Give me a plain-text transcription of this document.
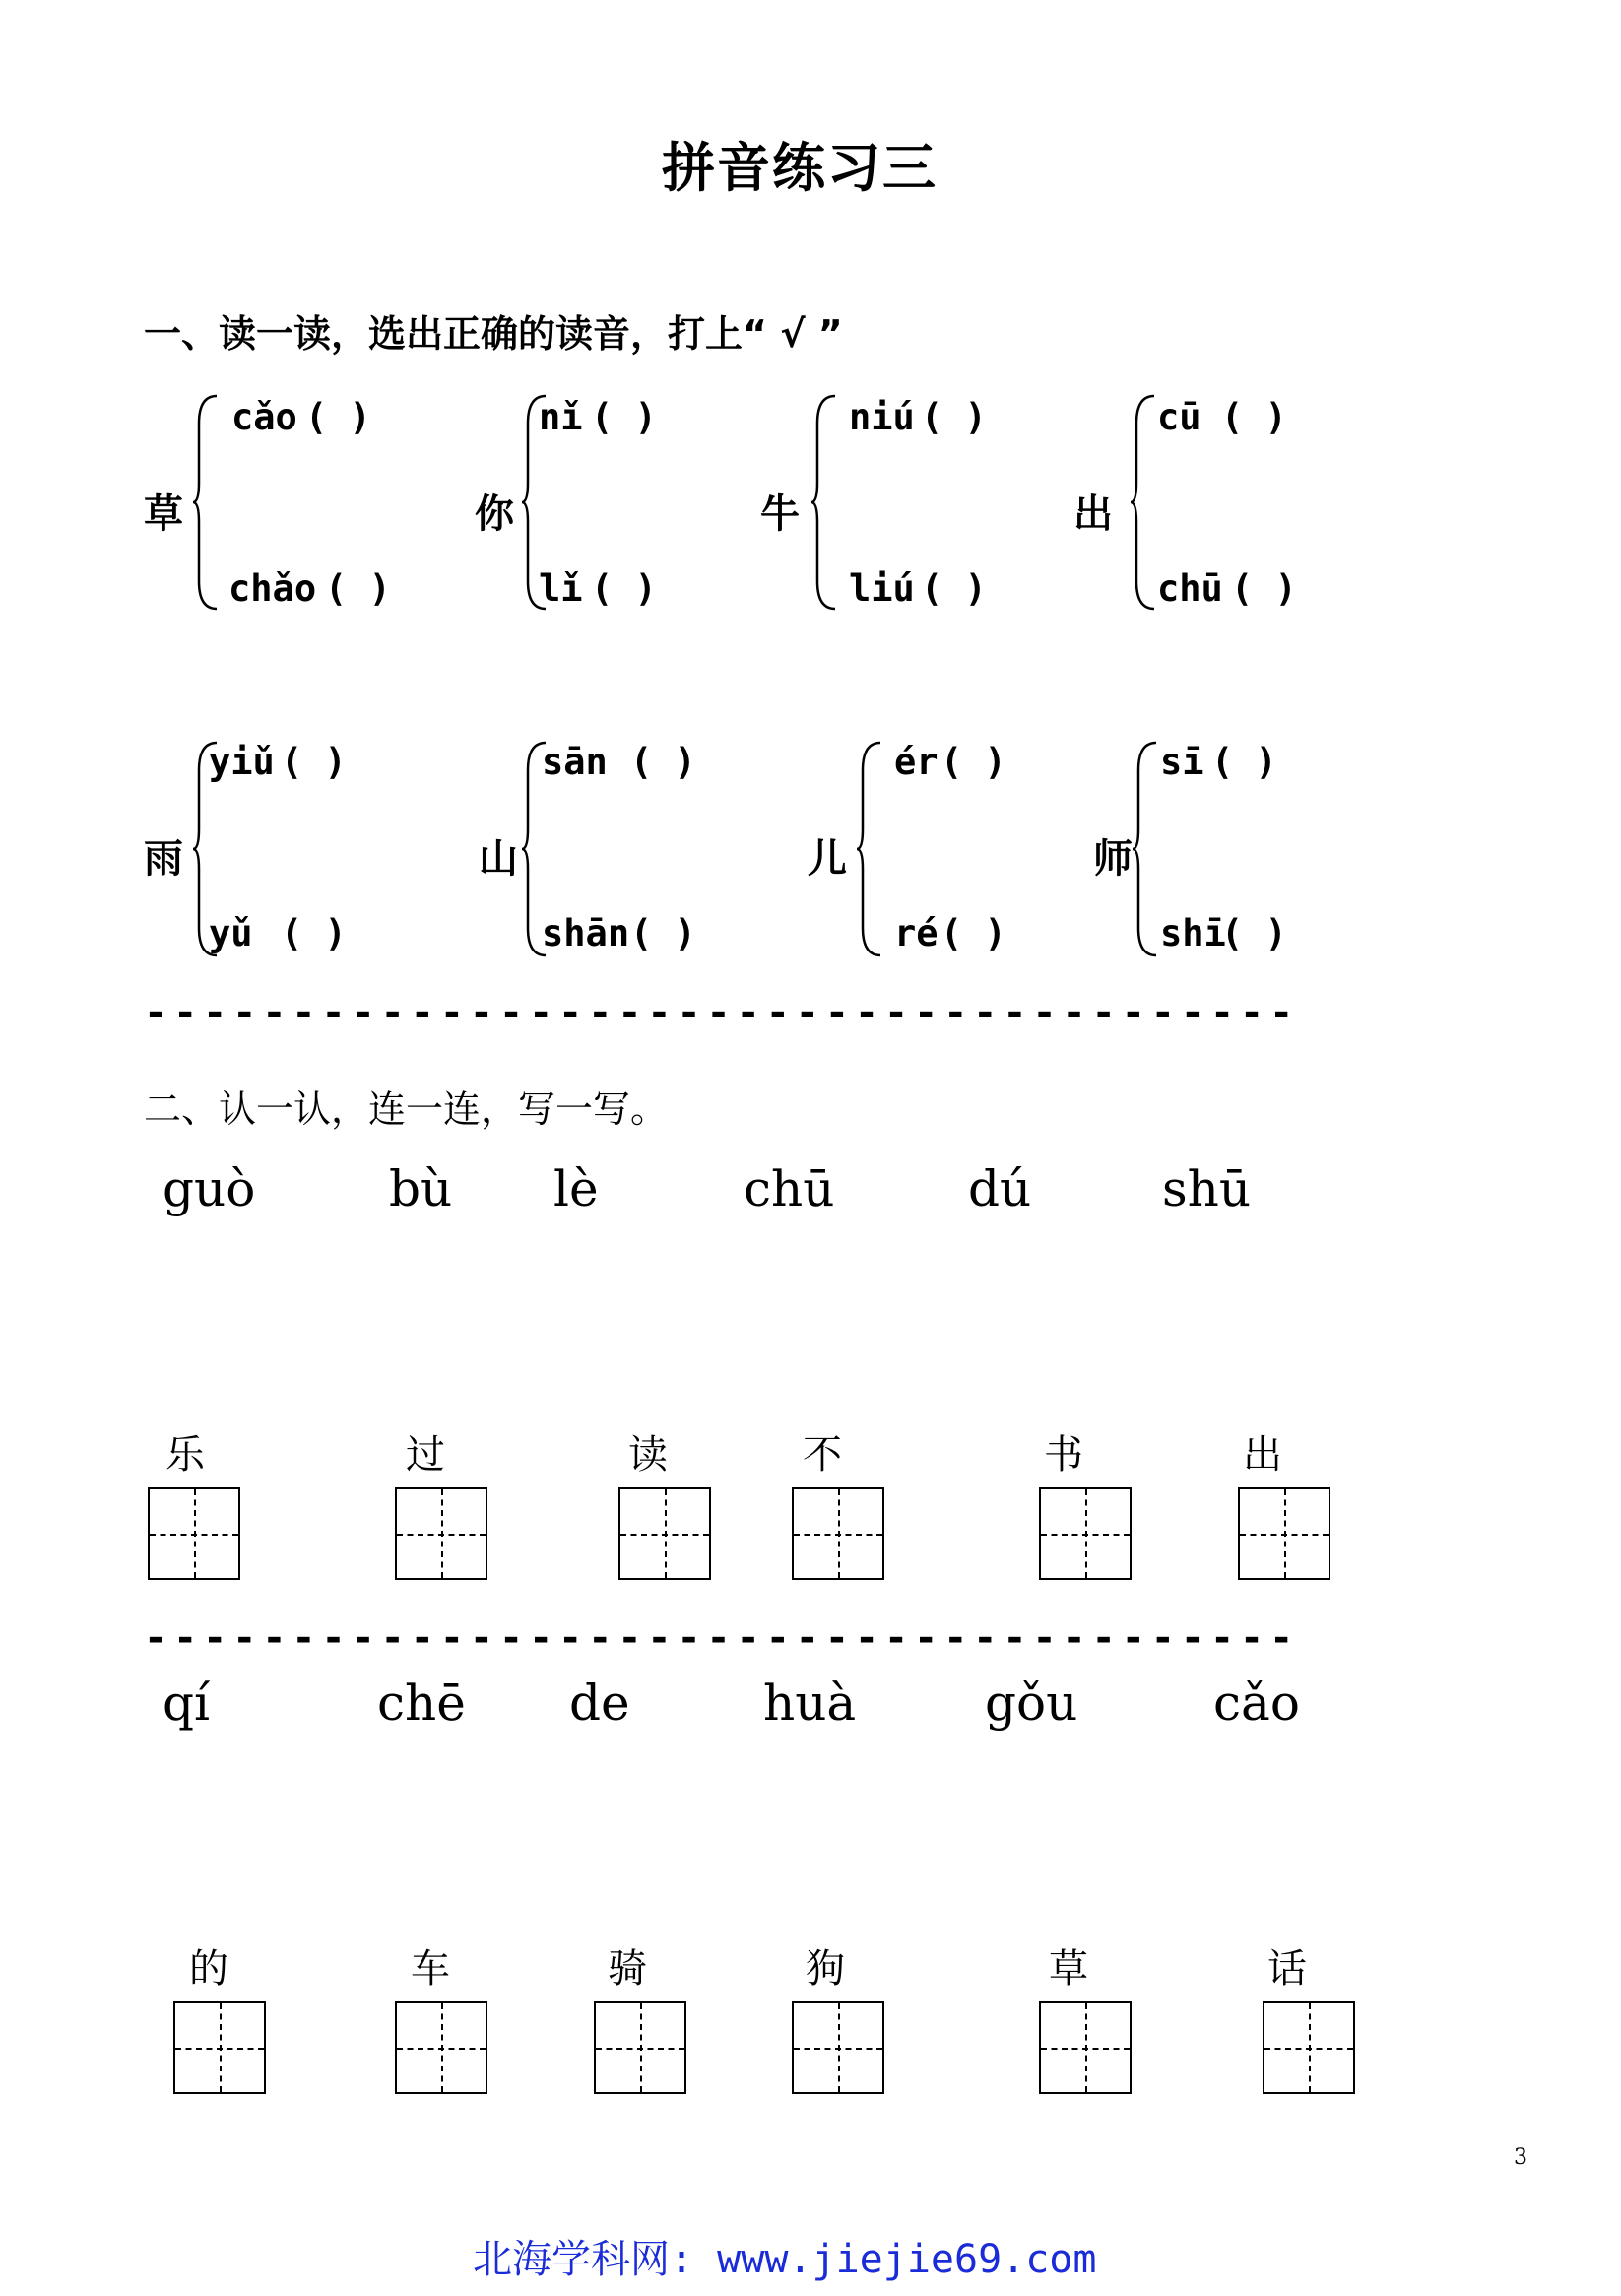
拼音练习三
一、读一读，选出正确的读音，打上“ √ ”
草
cǎo ( )
chǎo ( )
你
nǐ ( )
lǐ ( )
牛
niú ( )
liú ( )
出
cū ( )
chū ( )
雨
yiǔ ( )
yǔ ( )
山
sān ( )
shān ( )
儿
ér ( )
ré ( )
师
sī ( )
shī
( )
---------------------------------------
二、认一认，连一连，写一写。
guò	bù lè	chū	dú	shū
乐	过	读	不	书	出
---------------------------------------
qí	chē de	huà	gǒu	cǎo
的	车	骑	狗	草	话
3
北海学科网: www.jiejie69.com
